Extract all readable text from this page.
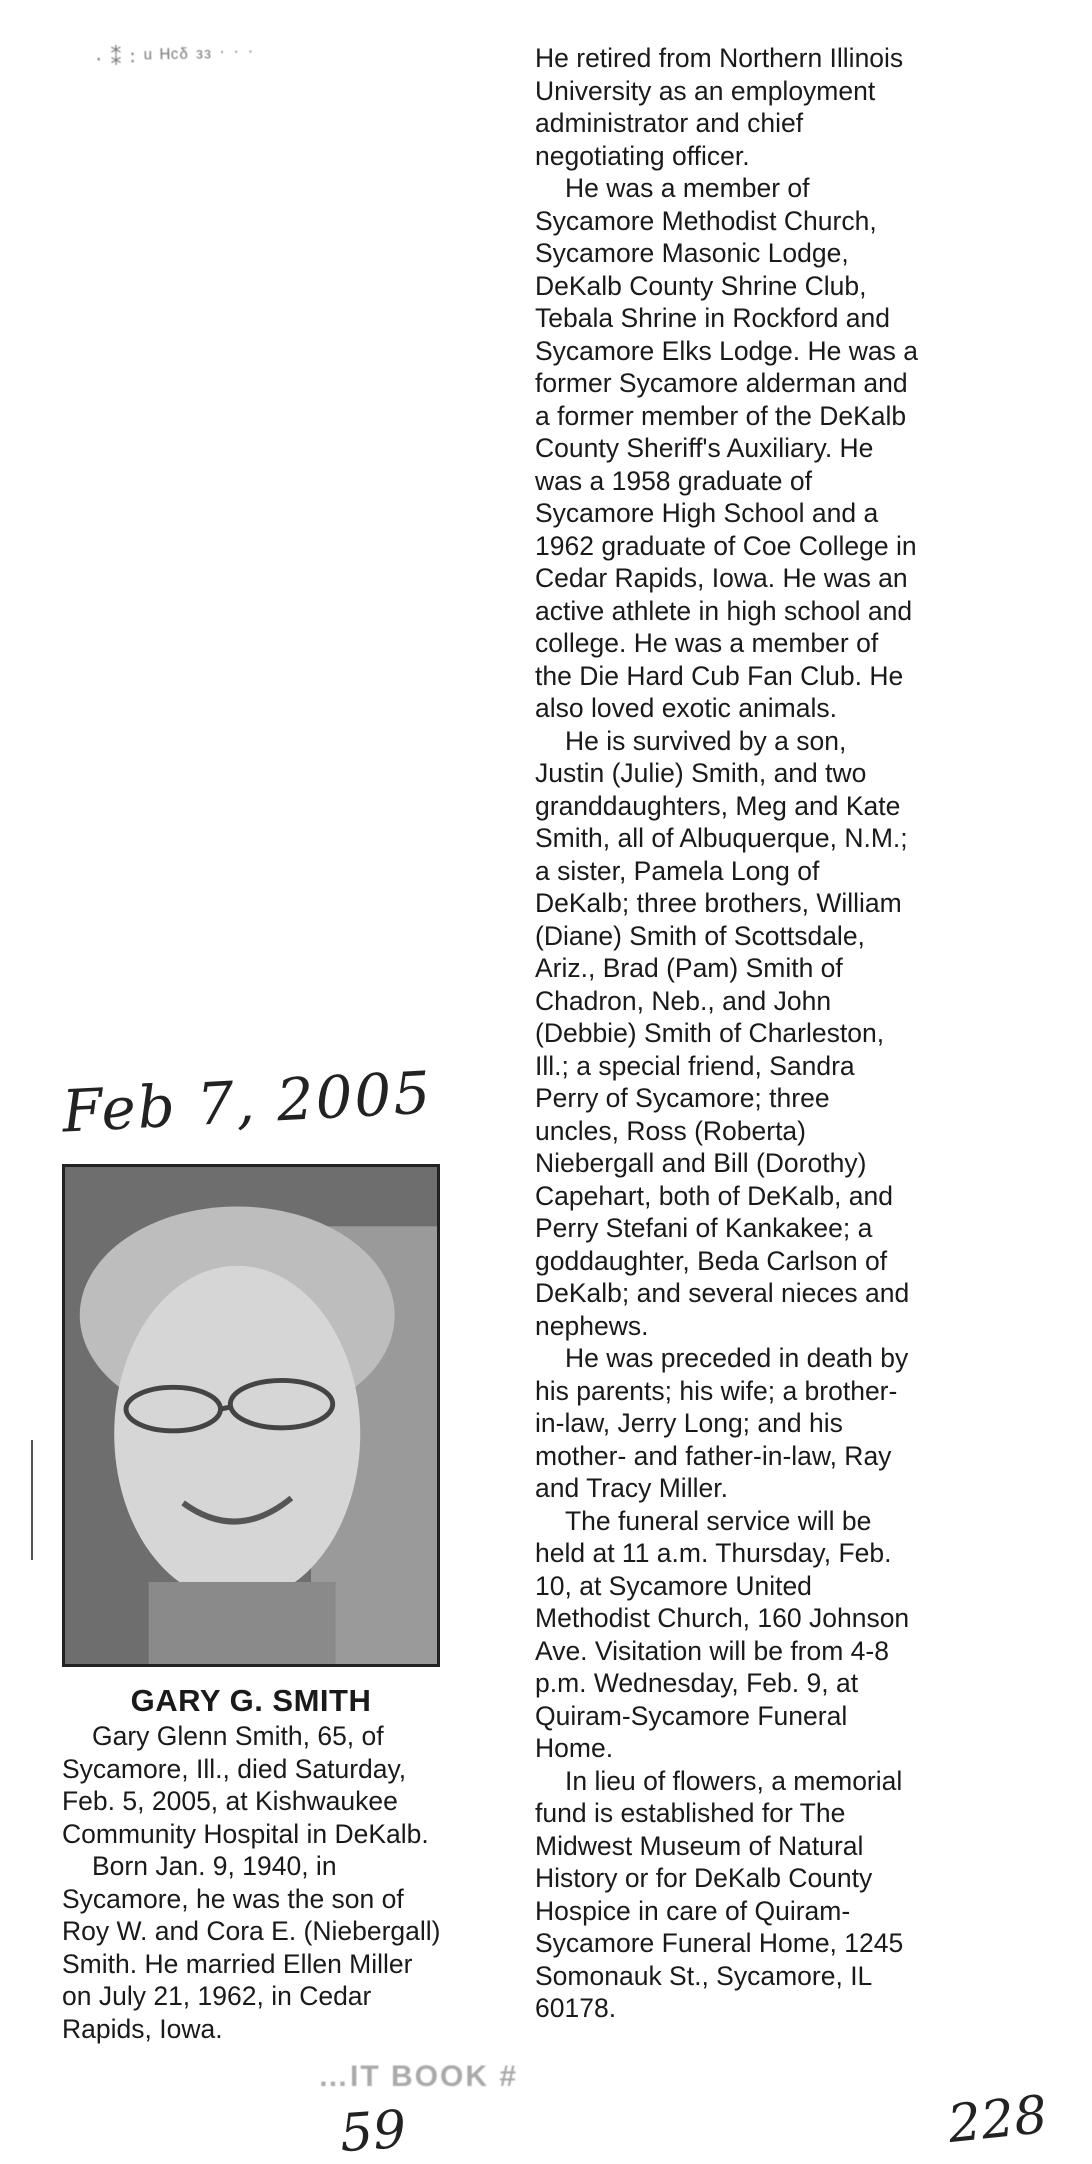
· ⁑ ꞉ ᵘ ᴴᶜᵟ ᵌᵌ ˑ ˑ ˑ	He retired from Northern Illinois University as an employment administrator and chief negotiating officer.

He was a member of Sycamore Methodist Church, Sycamore Masonic Lodge, DeKalb County Shrine Club, Tebala Shrine in Rockford and Sycamore Elks Lodge. He was a former Sycamore alderman and a former member of the DeKalb County Sheriff's Auxiliary. He was a 1958 graduate of Sycamore High School and a 1962 graduate of Coe College in Cedar Rapids, Iowa. He was an active athlete in high school and college. He was a member of the Die Hard Cub Fan Club. He also loved exotic animals.

He is survived by a son, Justin (Julie) Smith, and two granddaughters, Meg and Kate Smith, all of Albuquerque, N.M.; a sister, Pamela Long of DeKalb; three brothers, William (Diane) Smith of Scottsdale, Ariz., Brad (Pam) Smith of Chadron, Neb., and John (Debbie) Smith of Charleston, Ill.; a special friend, Sandra Perry of Sycamore; three uncles, Ross (Roberta) Niebergall and Bill (Dorothy) Capehart, both of DeKalb, and Perry Stefani of Kankakee; a goddaughter, Beda Carlson of DeKalb; and several nieces and nephews.

He was preceded in death by his parents; his wife; a brother-in-law, Jerry Long; and his mother- and father-in-law, Ray and Tracy Miller.

The funeral service will be held at 11 a.m. Thursday, Feb. 10, at Sycamore United Methodist Church, 160 Johnson Ave. Visitation will be from 4-8 p.m. Wednesday, Feb. 9, at Quiram-Sycamore Funeral Home.

In lieu of flowers, a memorial fund is established for The Midwest Museum of Natural History or for DeKalb County Hospice in care of Quiram-Sycamore Funeral Home, 1245 Somonauk St., Sycamore, IL 60178.

Feb 7, 2005
GARY G. SMITH

Gary Glenn Smith, 65, of Sycamore, Ill., died Saturday, Feb. 5, 2005, at Kishwaukee Community Hospital in DeKalb.

Born Jan. 9, 1940, in Sycamore, he was the son of Roy W. and Cora E. (Niebergall) Smith. He married Ellen Miller on July 21, 1962, in Cedar Rapids, Iowa.

…IT BOOK #
59	228
